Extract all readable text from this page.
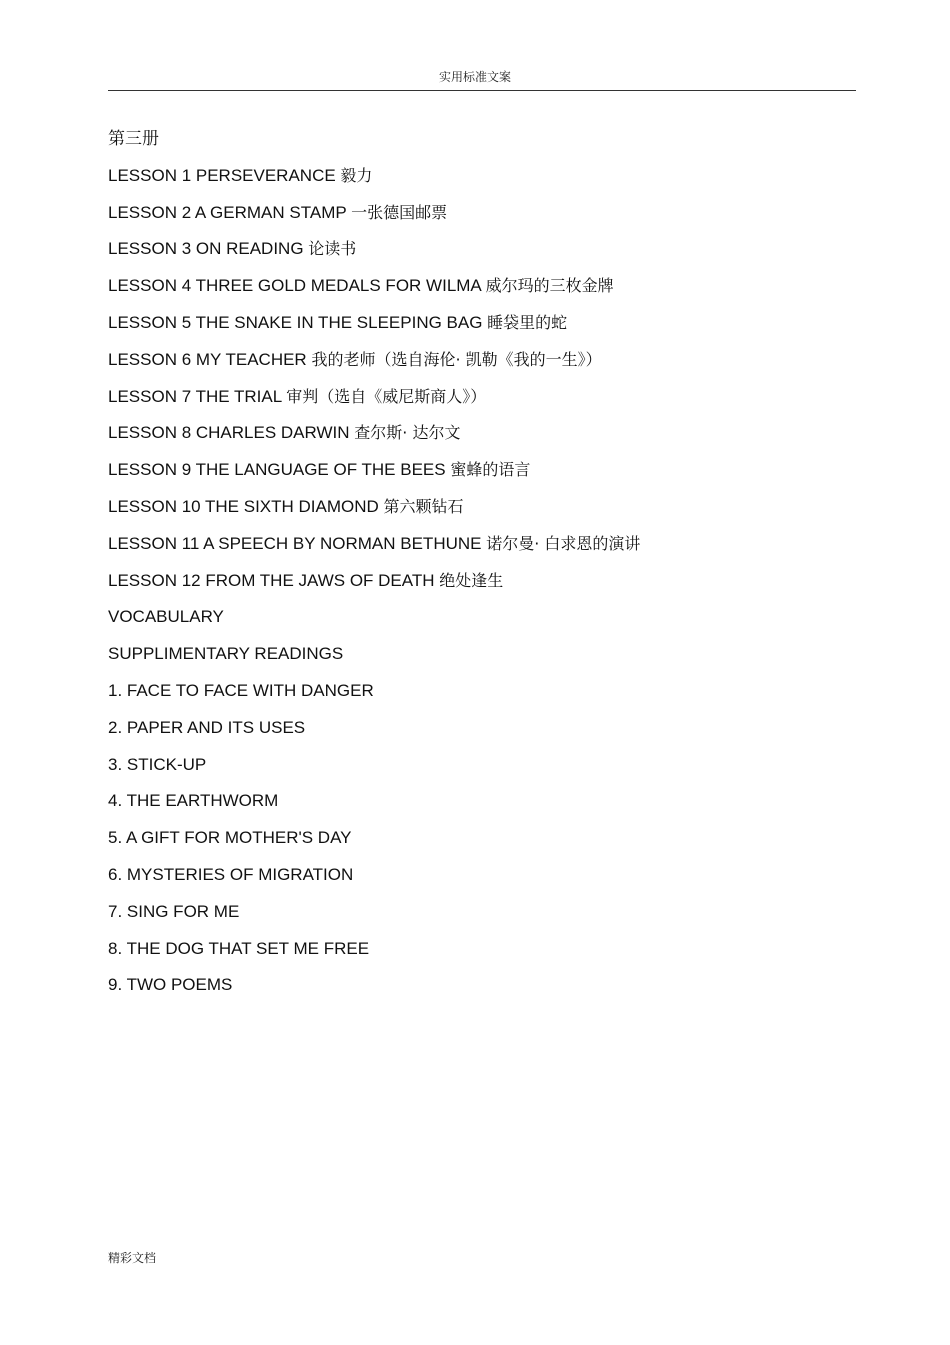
实用标准文案
第三册
LESSON 1 PERSEVERANCE 毅力
LESSON 2 A GERMAN STAMP 一张德国邮票
LESSON 3 ON READING 论读书
LESSON 4 THREE GOLD MEDALS FOR WILMA 威尔玛的三枚金牌
LESSON 5 THE SNAKE IN THE SLEEPING BAG 睡袋里的蛇
LESSON 6 MY TEACHER 我的老师（选自海伦· 凯勒《我的一生》）
LESSON 7 THE TRIAL 审判（选自《威尼斯商人》）
LESSON 8 CHARLES DARWIN 查尔斯· 达尔文
LESSON 9 THE LANGUAGE OF THE BEES 蜜蜂的语言
LESSON 10 THE SIXTH DIAMOND 第六颗钻石
LESSON 11 A SPEECH BY NORMAN BETHUNE 诺尔曼· 白求恩的演讲
LESSON 12 FROM THE JAWS OF DEATH 绝处逢生
VOCABULARY
SUPPLIMENTARY READINGS
1. FACE TO FACE WITH DANGER
2. PAPER AND ITS USES
3. STICK-UP
4. THE EARTHWORM
5. A GIFT FOR MOTHER'S DAY
6. MYSTERIES OF MIGRATION
7. SING FOR ME
8. THE DOG THAT SET ME FREE
9. TWO POEMS
精彩文档
